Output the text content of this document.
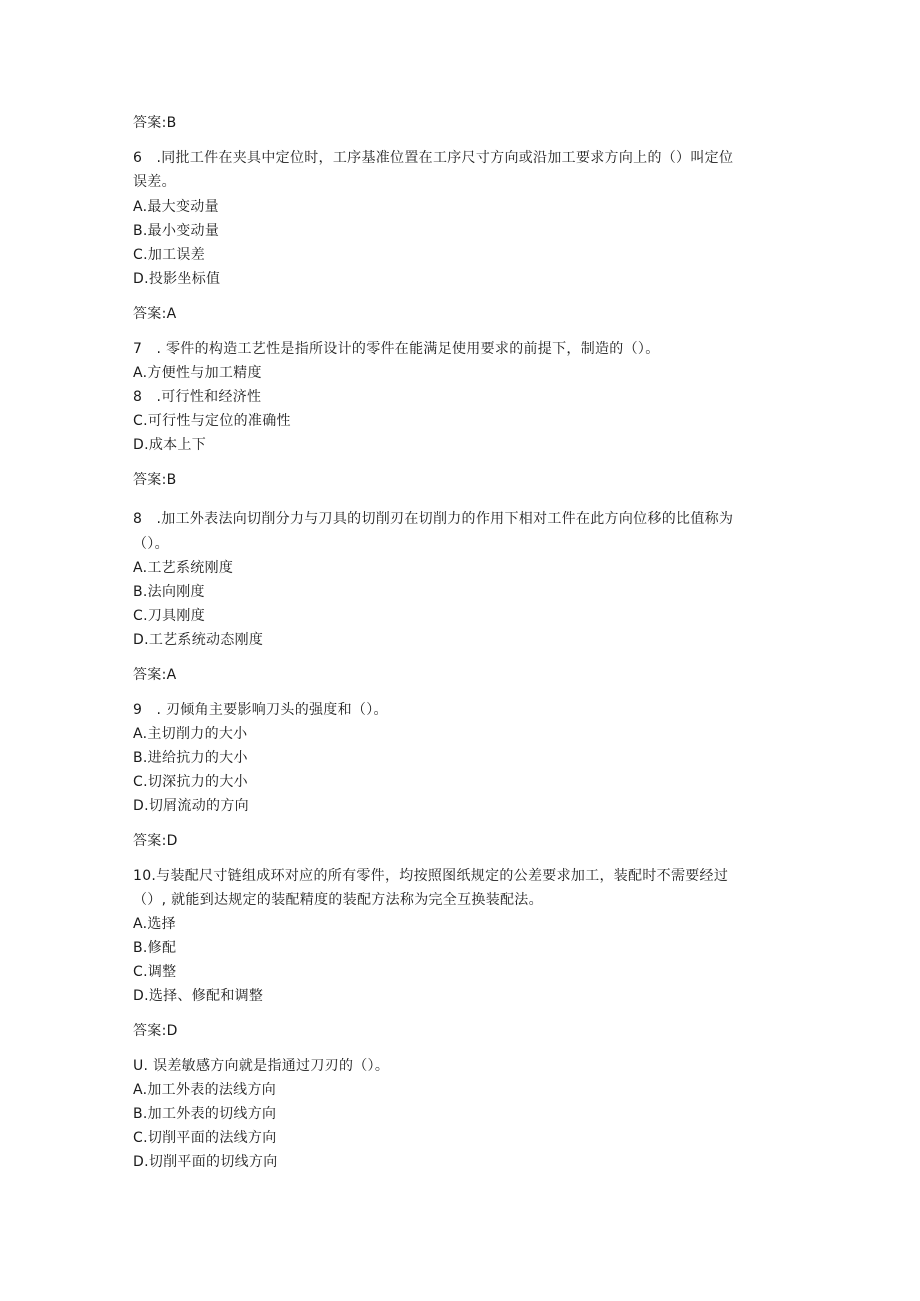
答案:B
6　.同批工件在夹具中定位时，工序基准位置在工序尺寸方向或沿加工要求方向上的（）叫定位
误差。
A.最大变动量
B.最小变动量
C.加工误差
D.投影坐标值
答案:A
7　. 零件的构造工艺性是指所设计的零件在能满足使用要求的前提下，制造的（）。
A.方便性与加工精度
8　.可行性和经济性
C.可行性与定位的准确性
D.成本上下
答案:B
8　.加工外表法向切削分力与刀具的切削刃在切削力的作用下相对工件在此方向位移的比值称为
（）。
A.工艺系统刚度
B.法向刚度
C.刀具刚度
D.工艺系统动态刚度
答案:A
9　. 刃倾角主要影响刀头的强度和（）。
A.主切削力的大小
B.进给抗力的大小
C.切深抗力的大小
D.切屑流动的方向
答案:D
10.与装配尺寸链组成环对应的所有零件，均按照图纸规定的公差要求加工，装配时不需要经过
（）, 就能到达规定的装配精度的装配方法称为完全互换装配法。
A.选择
B.修配
C.调整
D.选择、修配和调整
答案:D
U. 误差敏感方向就是指通过刀刃的（）。
A.加工外表的法线方向
B.加工外表的切线方向
C.切削平面的法线方向
D.切削平面的切线方向
